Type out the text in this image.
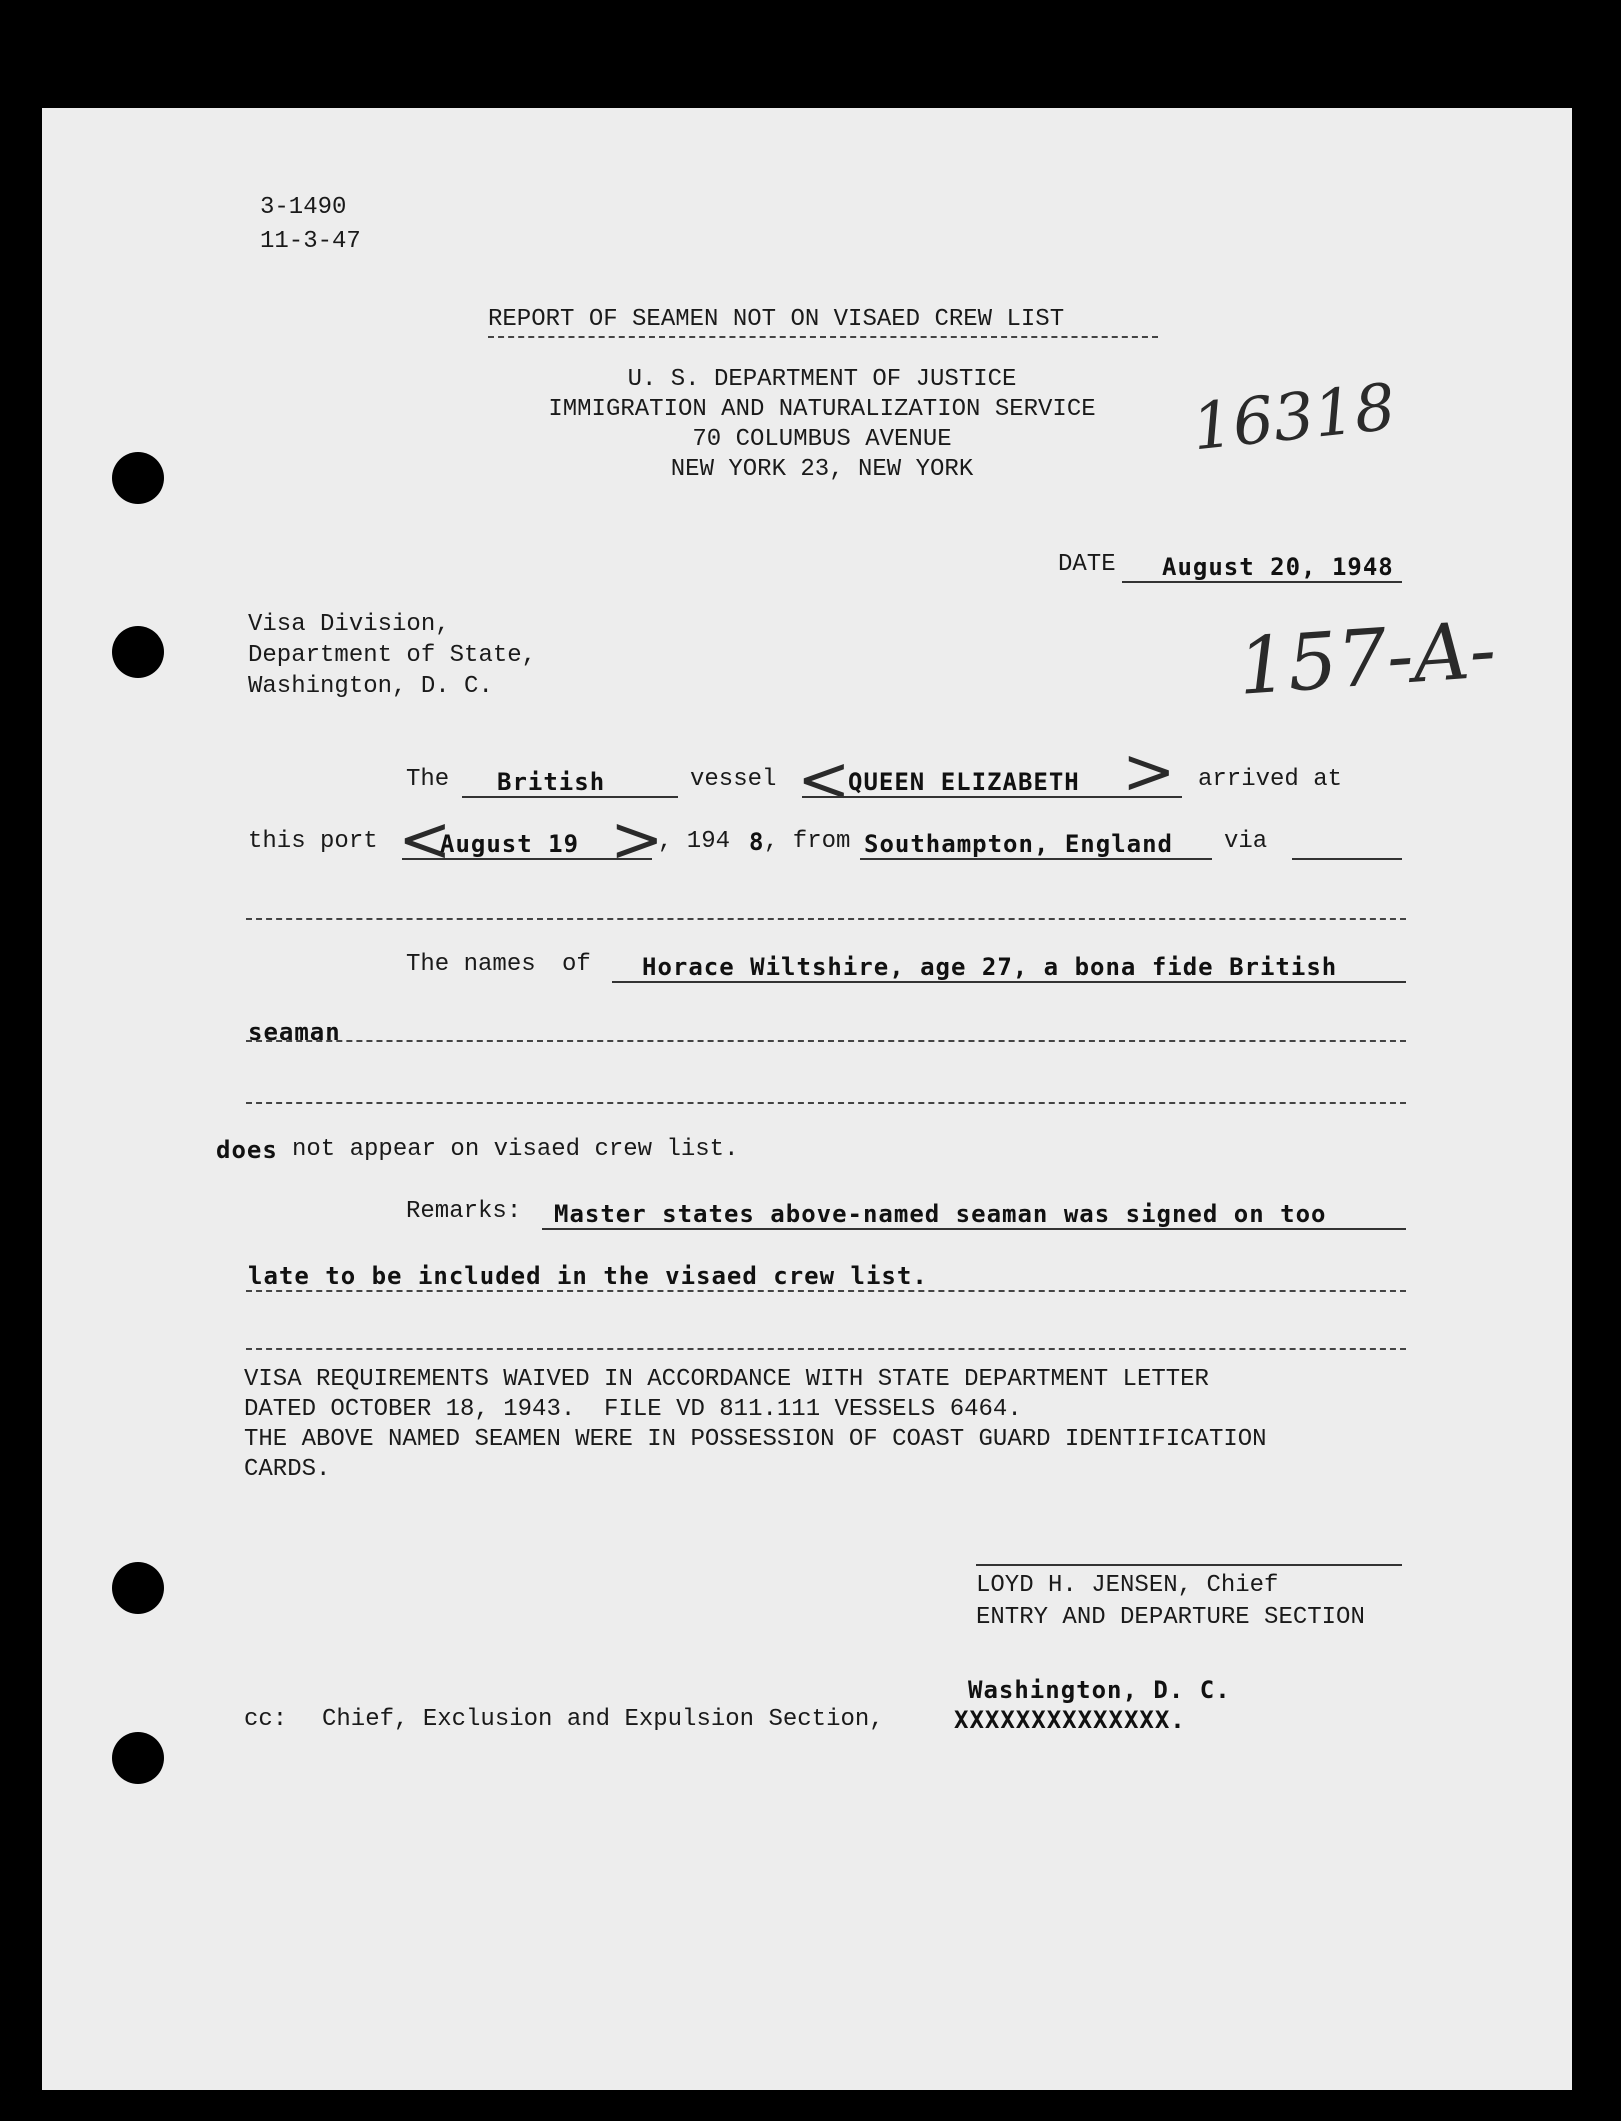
3-1490
11-3-47
REPORT OF SEAMEN NOT ON VISAED CREW LIST
U. S. DEPARTMENT OF JUSTICE
IMMIGRATION AND NATURALIZATION SERVICE
70 COLUMBUS AVENUE
NEW YORK 23, NEW YORK
16318
DATE August 20, 1948
157-A-
Visa Division,
Department of State,
Washington, D. C.
The British	vessel <
QUEEN ELIZABETH > arrived at
this port <
August 19 >
, 194 8 , from Southampton, England via
The names of Horace Wiltshire, age 27, a bona fide British
seaman
does not appear on visaed crew list.
Remarks: Master states above-named seaman was signed on too
late to be included in the visaed crew list.
VISA REQUIREMENTS WAIVED IN ACCORDANCE WITH STATE DEPARTMENT LETTER
DATED OCTOBER 18, 1943.  FILE VD 811.111 VESSELS 6464.
THE ABOVE NAMED SEAMEN WERE IN POSSESSION OF COAST GUARD IDENTIFICATION
CARDS.
LOYD H. JENSEN, Chief
ENTRY AND DEPARTURE SECTION
cc: Chief, Exclusion and Expulsion Section,
Washington, D. C.
XXXXXXXXXXXXXX.
